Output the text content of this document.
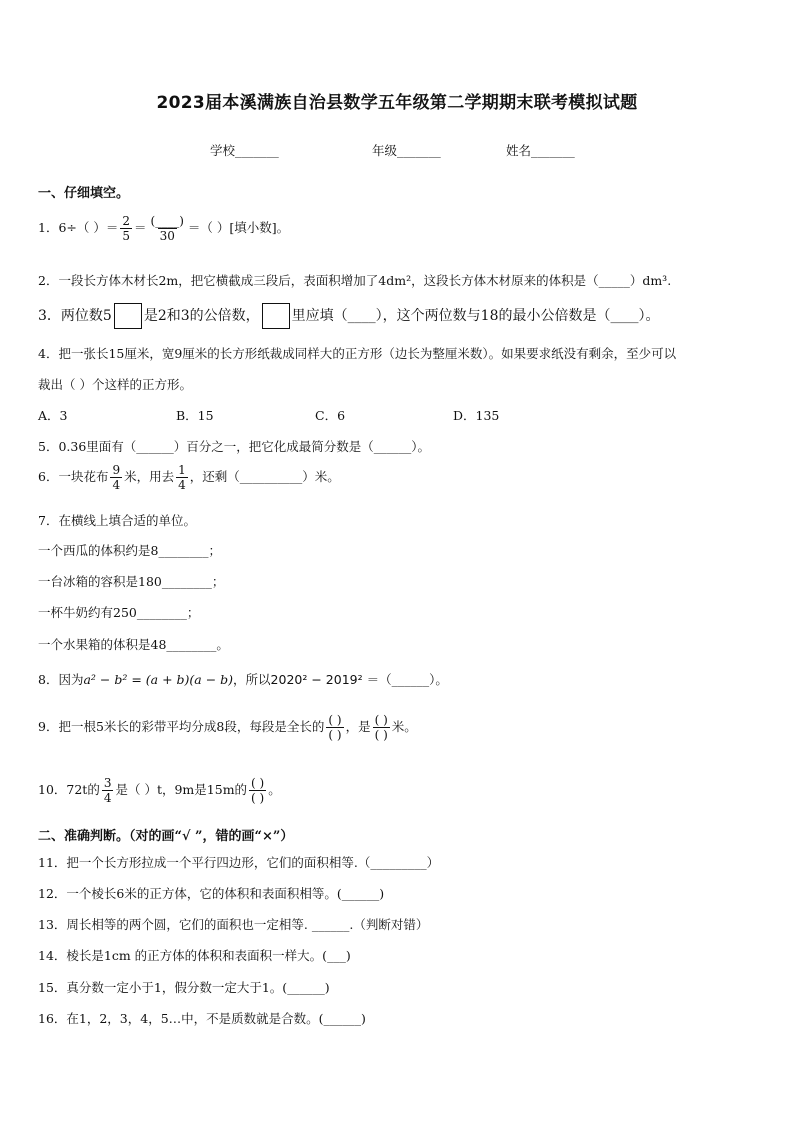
2023届本溪满族自治县数学五年级第二学期期末联考模拟试题
学校_______	年级_______	姓名_______
一、仔细填空。
1．6÷（ ）＝ $\frac{2}{5} = \frac{(\_\_\_\_)}{30}$ ＝（ ）[填小数]。
2．一段长方体木材长2m，把它横截成三段后，表面积增加了4dm²，这段长方体木材原来的体积是（_____）dm³.
3．两位数5 是2和3的公倍数， 里应填（____），这个两位数与18的最小公倍数是（____）。
4．把一张长15厘米，宽9厘米的长方形纸裁成同样大的正方形（边长为整厘米数）。如果要求纸没有剩余，至少可以
裁出（ ）个这样的正方形。
A．3	B．15	C．6	D．135
5．0.36里面有（______）百分之一，把它化成最简分数是（______）。
6．一块花布 $\frac{9}{4}$ 米，用去 $\frac{1}{4}$ ，还剩（__________）米。
7．在横线上填合适的单位。
一个西瓜的体积约是8________；
一台冰箱的容积是180________；
一杯牛奶约有250________；
一个水果箱的体积是48________。
8．因为a² − b² = (a + b)(a − b)，所以2020² − 2019² ＝（______）。
9．把一根5米长的彩带平均分成8段，每段是全长的 $\frac{( )}{( )}$ ，是 $\frac{( )}{( )}$ 米。
10．72t的 $\frac{3}{4}$ 是（ ）t，9m是15m的 $\frac{( )}{( )}$ 。
二、准确判断。（对的画“√ ”，错的画“×”）
11．把一个长方形拉成一个平行四边形，它们的面积相等.（_________）
12．一个棱长6米的正方体，它的体积和表面积相等。(______)
13．周长相等的两个圆，它们的面积也一定相等. ______.（判断对错）
14．棱长是1cm 的正方体的体积和表面积一样大。(___)
15．真分数一定小于1，假分数一定大于1。(______)
16．在1，2，3，4，5…中，不是质数就是合数。(______)
